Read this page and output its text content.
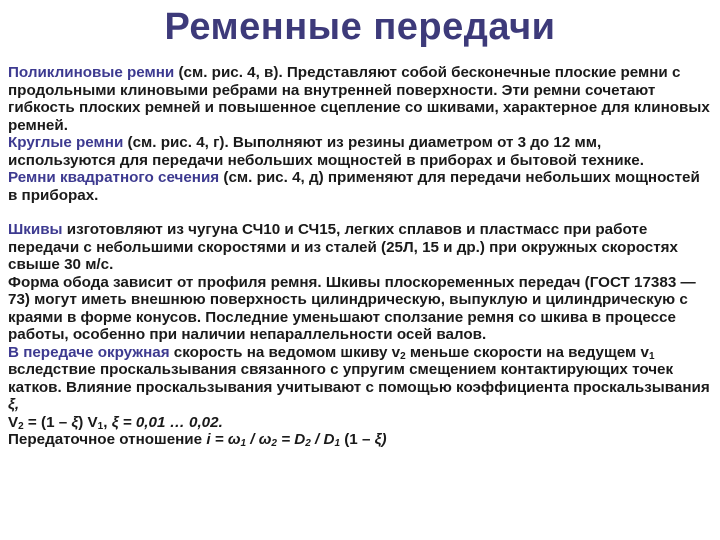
Ременные передачи

Поликлиновые ремни (см. рис. 4, в). Представляют собой бесконечные плоские ремни с продольными клиновыми ребрами на внутренней поверхности. Эти ремни сочетают гибкость плоских ремней и повышенное сцепление со шкивами, характерное для клиновых ремней.

Круглые ремни (см. рис. 4, г). Выполняют из резины диаметром от 3 до 12 мм, используются для передачи небольших мощностей в приборах и бытовой технике.

Ремни квадратного сечения (см. рис. 4, д) применяют для передачи небольших мощностей в приборах.

Шкивы изготовляют из чугуна СЧ10 и СЧ15, легких сплавов и пластмасс при работе передачи с небольшими скоростями и из сталей (25Л, 15 и др.) при окружных скоростях свыше 30 м/с.

Форма обода зависит от профиля ремня. Шкивы плоскоременных передач (ГОСТ 17383 — 73) могут иметь внешнюю поверхность цилиндрическую, выпуклую и цилиндрическую с краями в форме конусов. Последние уменьшают сползание ремня со шкива в процессе работы, особенно при наличии непараллельности осей валов.

В передаче окружная скорость на ведомом шкиву $v_2$ меньше скорости на ведущем $v_1$ вследствие проскальзывания связанного с упругим смещением контактирующих точек катков. Влияние проскальзывания учитывают с помощью коэффициента проскальзывания ξ,

$V_2 = (1 - \xi)$ $V_1$, ξ = 0,01 … 0,02.

Передаточное отношение $i = \omega_1 / \omega_2 = D_2 / D_1$ (1 – ξ)
